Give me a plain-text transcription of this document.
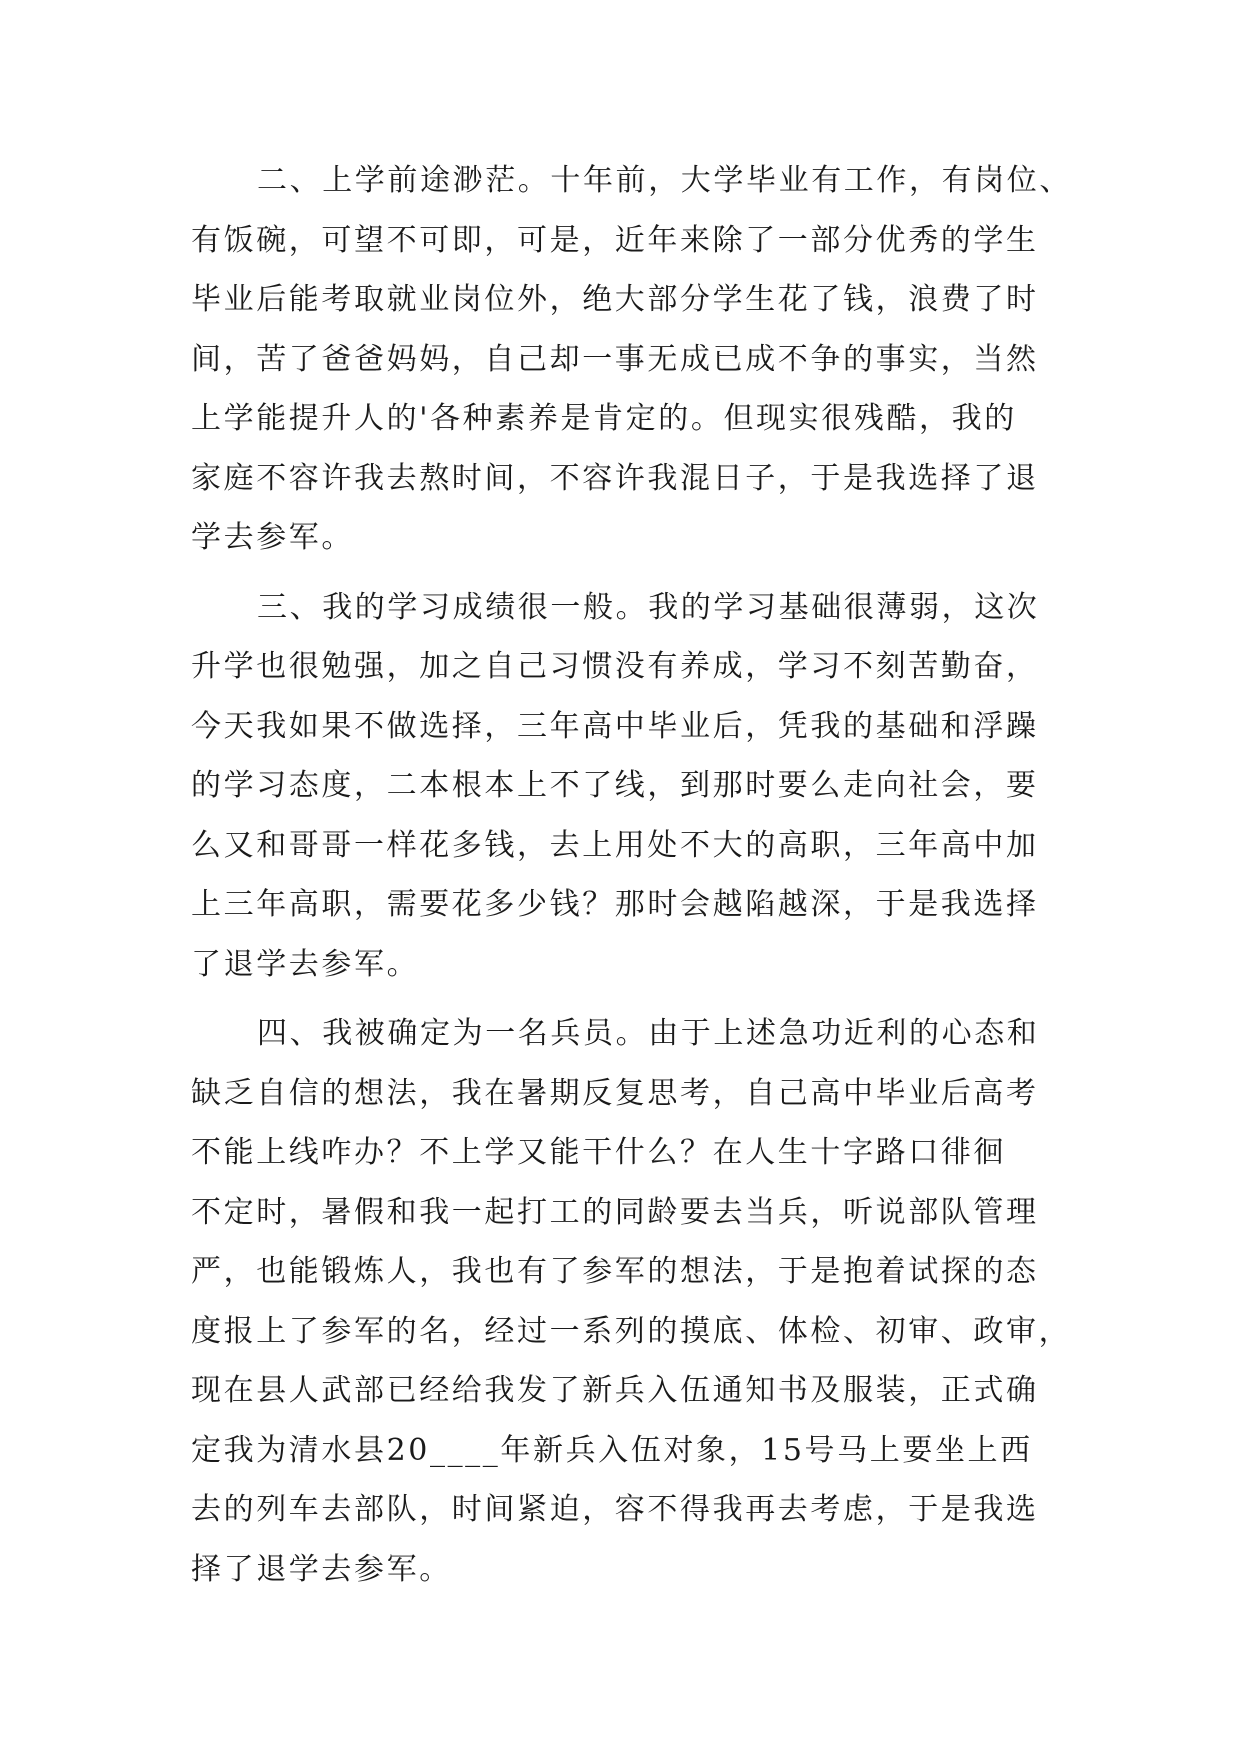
二、上学前途渺茫。十年前，大学毕业有工作，有岗位、
有饭碗，可望不可即，可是，近年来除了一部分优秀的学生
毕业后能考取就业岗位外，绝大部分学生花了钱，浪费了时
间，苦了爸爸妈妈，自己却一事无成已成不争的事实，当然
上学能提升人的'各种素养是肯定的。但现实很残酷，我的
家庭不容许我去熬时间，不容许我混日子，于是我选择了退
学去参军。
三、我的学习成绩很一般。我的学习基础很薄弱，这次
升学也很勉强，加之自己习惯没有养成，学习不刻苦勤奋，
今天我如果不做选择，三年高中毕业后，凭我的基础和浮躁
的学习态度，二本根本上不了线，到那时要么走向社会，要
么又和哥哥一样花多钱，去上用处不大的高职，三年高中加
上三年高职，需要花多少钱？那时会越陷越深，于是我选择
了退学去参军。
四、我被确定为一名兵员。由于上述急功近利的心态和
缺乏自信的想法，我在暑期反复思考，自己高中毕业后高考
不能上线咋办？不上学又能干什么？在人生十字路口徘徊
不定时，暑假和我一起打工的同龄要去当兵，听说部队管理
严，也能锻炼人，我也有了参军的想法，于是抱着试探的态
度报上了参军的名，经过一系列的摸底、体检、初审、政审，
现在县人武部已经给我发了新兵入伍通知书及服装，正式确
定我为清水县20____年新兵入伍对象，15号马上要坐上西
去的列车去部队，时间紧迫，容不得我再去考虑，于是我选
择了退学去参军。
